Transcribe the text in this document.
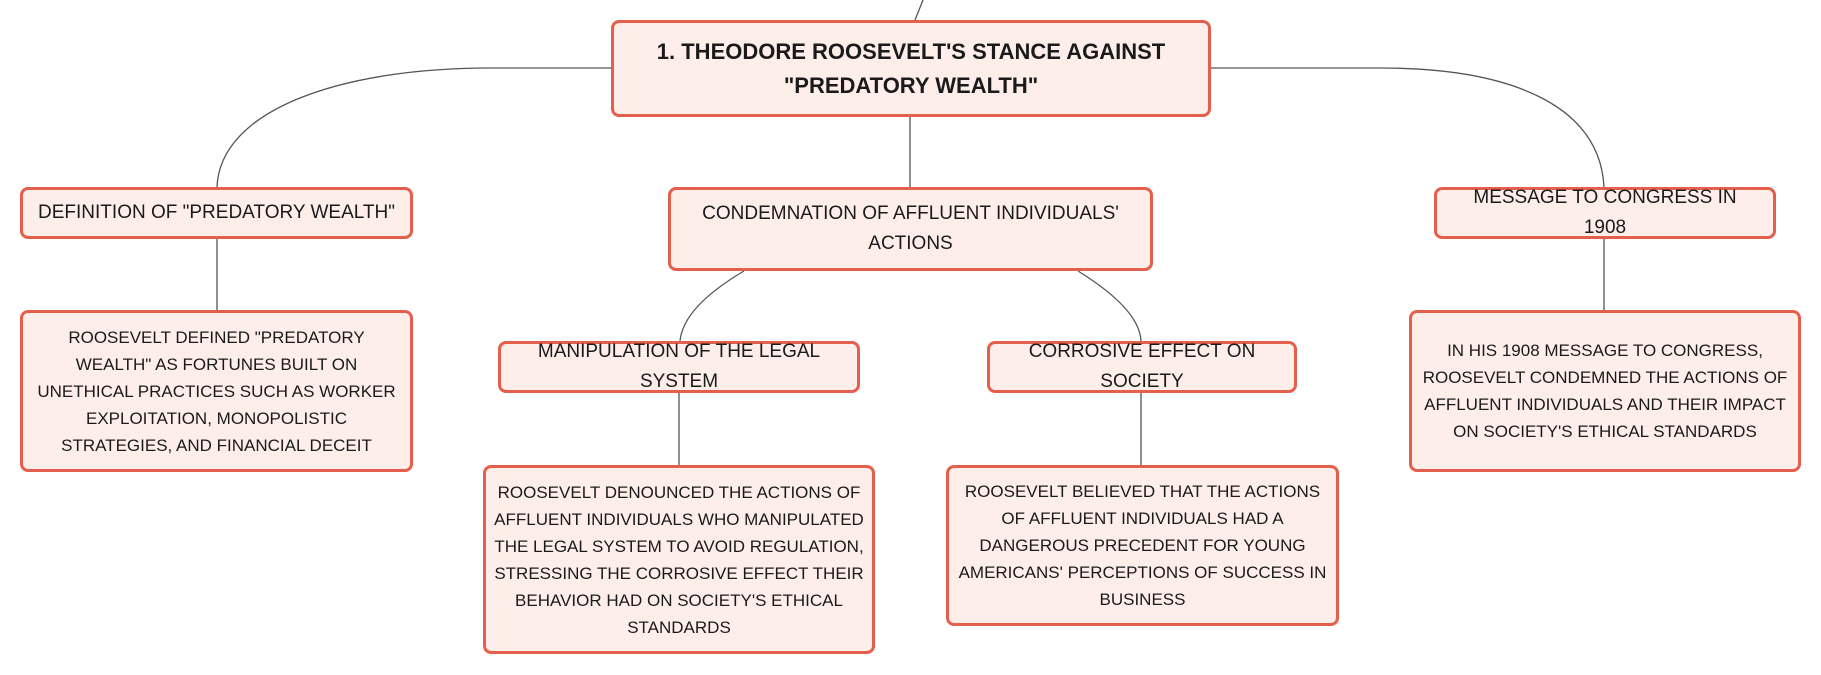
1. THEODORE ROOSEVELT'S STANCE AGAINST "PREDATORY WEALTH"
DEFINITION OF "PREDATORY WEALTH"	CONDEMNATION OF AFFLUENT INDIVIDUALS' ACTIONS
MESSAGE TO CONGRESS IN 1908
ROOSEVELT DEFINED "PREDATORY WEALTH" AS FORTUNES BUILT ON UNETHICAL PRACTICES SUCH AS WORKER EXPLOITATION, MONOPOLISTIC STRATEGIES, AND FINANCIAL DECEIT
MANIPULATION OF THE LEGAL SYSTEM
CORROSIVE EFFECT ON SOCIETY
IN HIS 1908 MESSAGE TO CONGRESS, ROOSEVELT CONDEMNED THE ACTIONS OF AFFLUENT INDIVIDUALS AND THEIR IMPACT ON SOCIETY'S ETHICAL STANDARDS
ROOSEVELT DENOUNCED THE ACTIONS OF AFFLUENT INDIVIDUALS WHO MANIPULATED THE LEGAL SYSTEM TO AVOID REGULATION, STRESSING THE CORROSIVE EFFECT THEIR BEHAVIOR HAD ON SOCIETY'S ETHICAL STANDARDS
ROOSEVELT BELIEVED THAT THE ACTIONS OF AFFLUENT INDIVIDUALS HAD A DANGEROUS PRECEDENT FOR YOUNG AMERICANS' PERCEPTIONS OF SUCCESS IN BUSINESS
